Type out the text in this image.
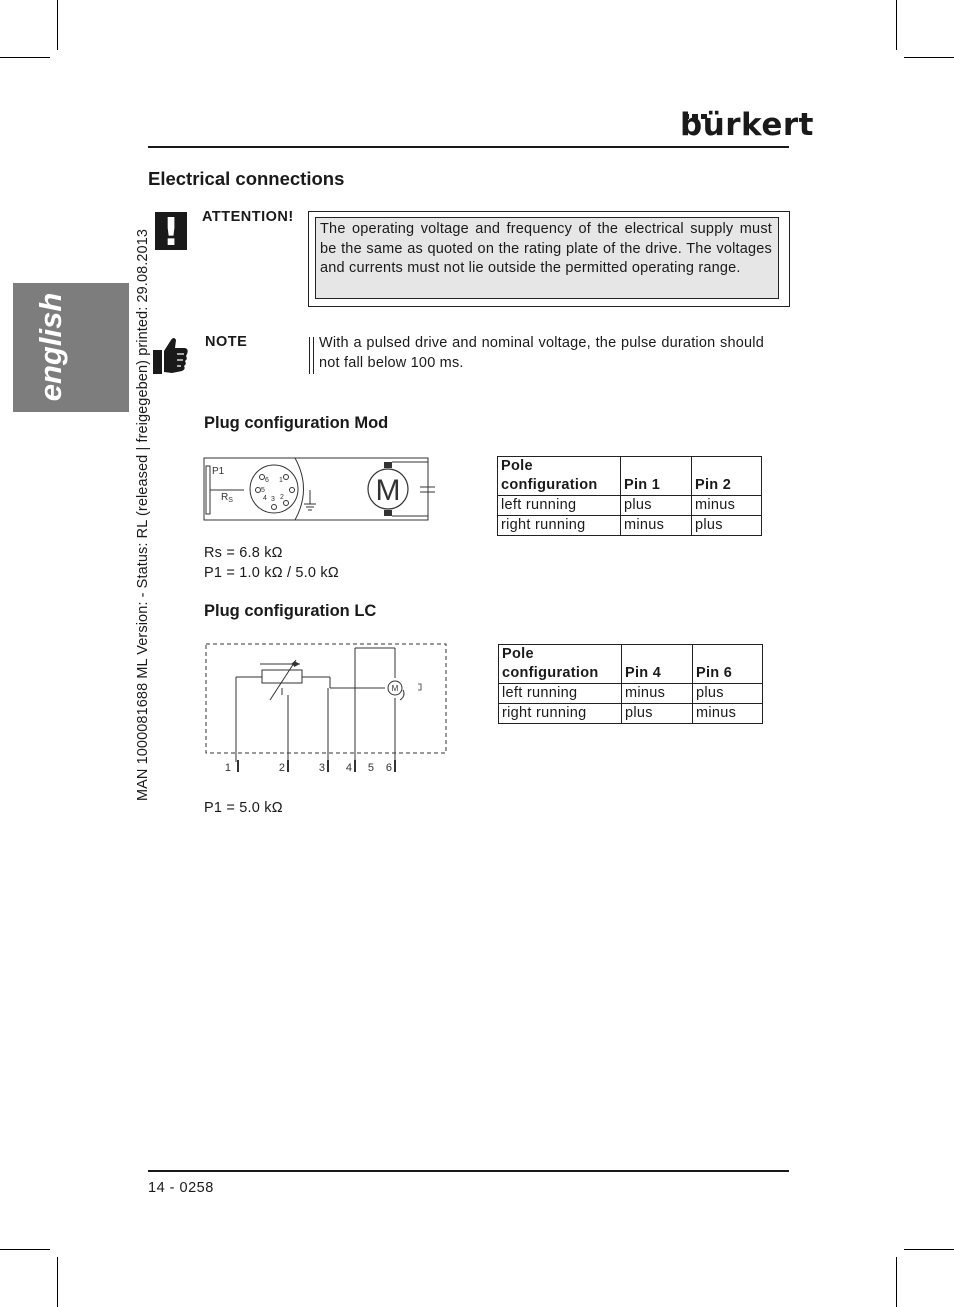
bürkert
english	MAN 1000081688 ML Version: - Status: RL (released | freigegeben) printed: 29.08.2013
Electrical connections
!	ATTENTION!
The operating voltage and frequency of the electrical supply must be the same as quoted on the rating plate of the drive. The voltages and currents must not lie outside the permitted operating range.
NOTE	With a pulsed drive and nominal voltage, the pulse duration should not fall below 100 ms.
Plug configuration Mod
P1
$R_S$
6 1
5
4 3 2	M
Rs = 6.8 kΩ
P1 = 1.0 kΩ / 5.0 kΩ
Pole
configuration	Pin 1	Pin 2
left running	plus	minus
right running	minus	plus
Plug configuration LC
M
1	2	3 4 5 6
P1 = 5.0 kΩ
Pole
configuration	Pin 4	Pin 6
left running	minus	plus
right running	plus	minus
14 - 0258
